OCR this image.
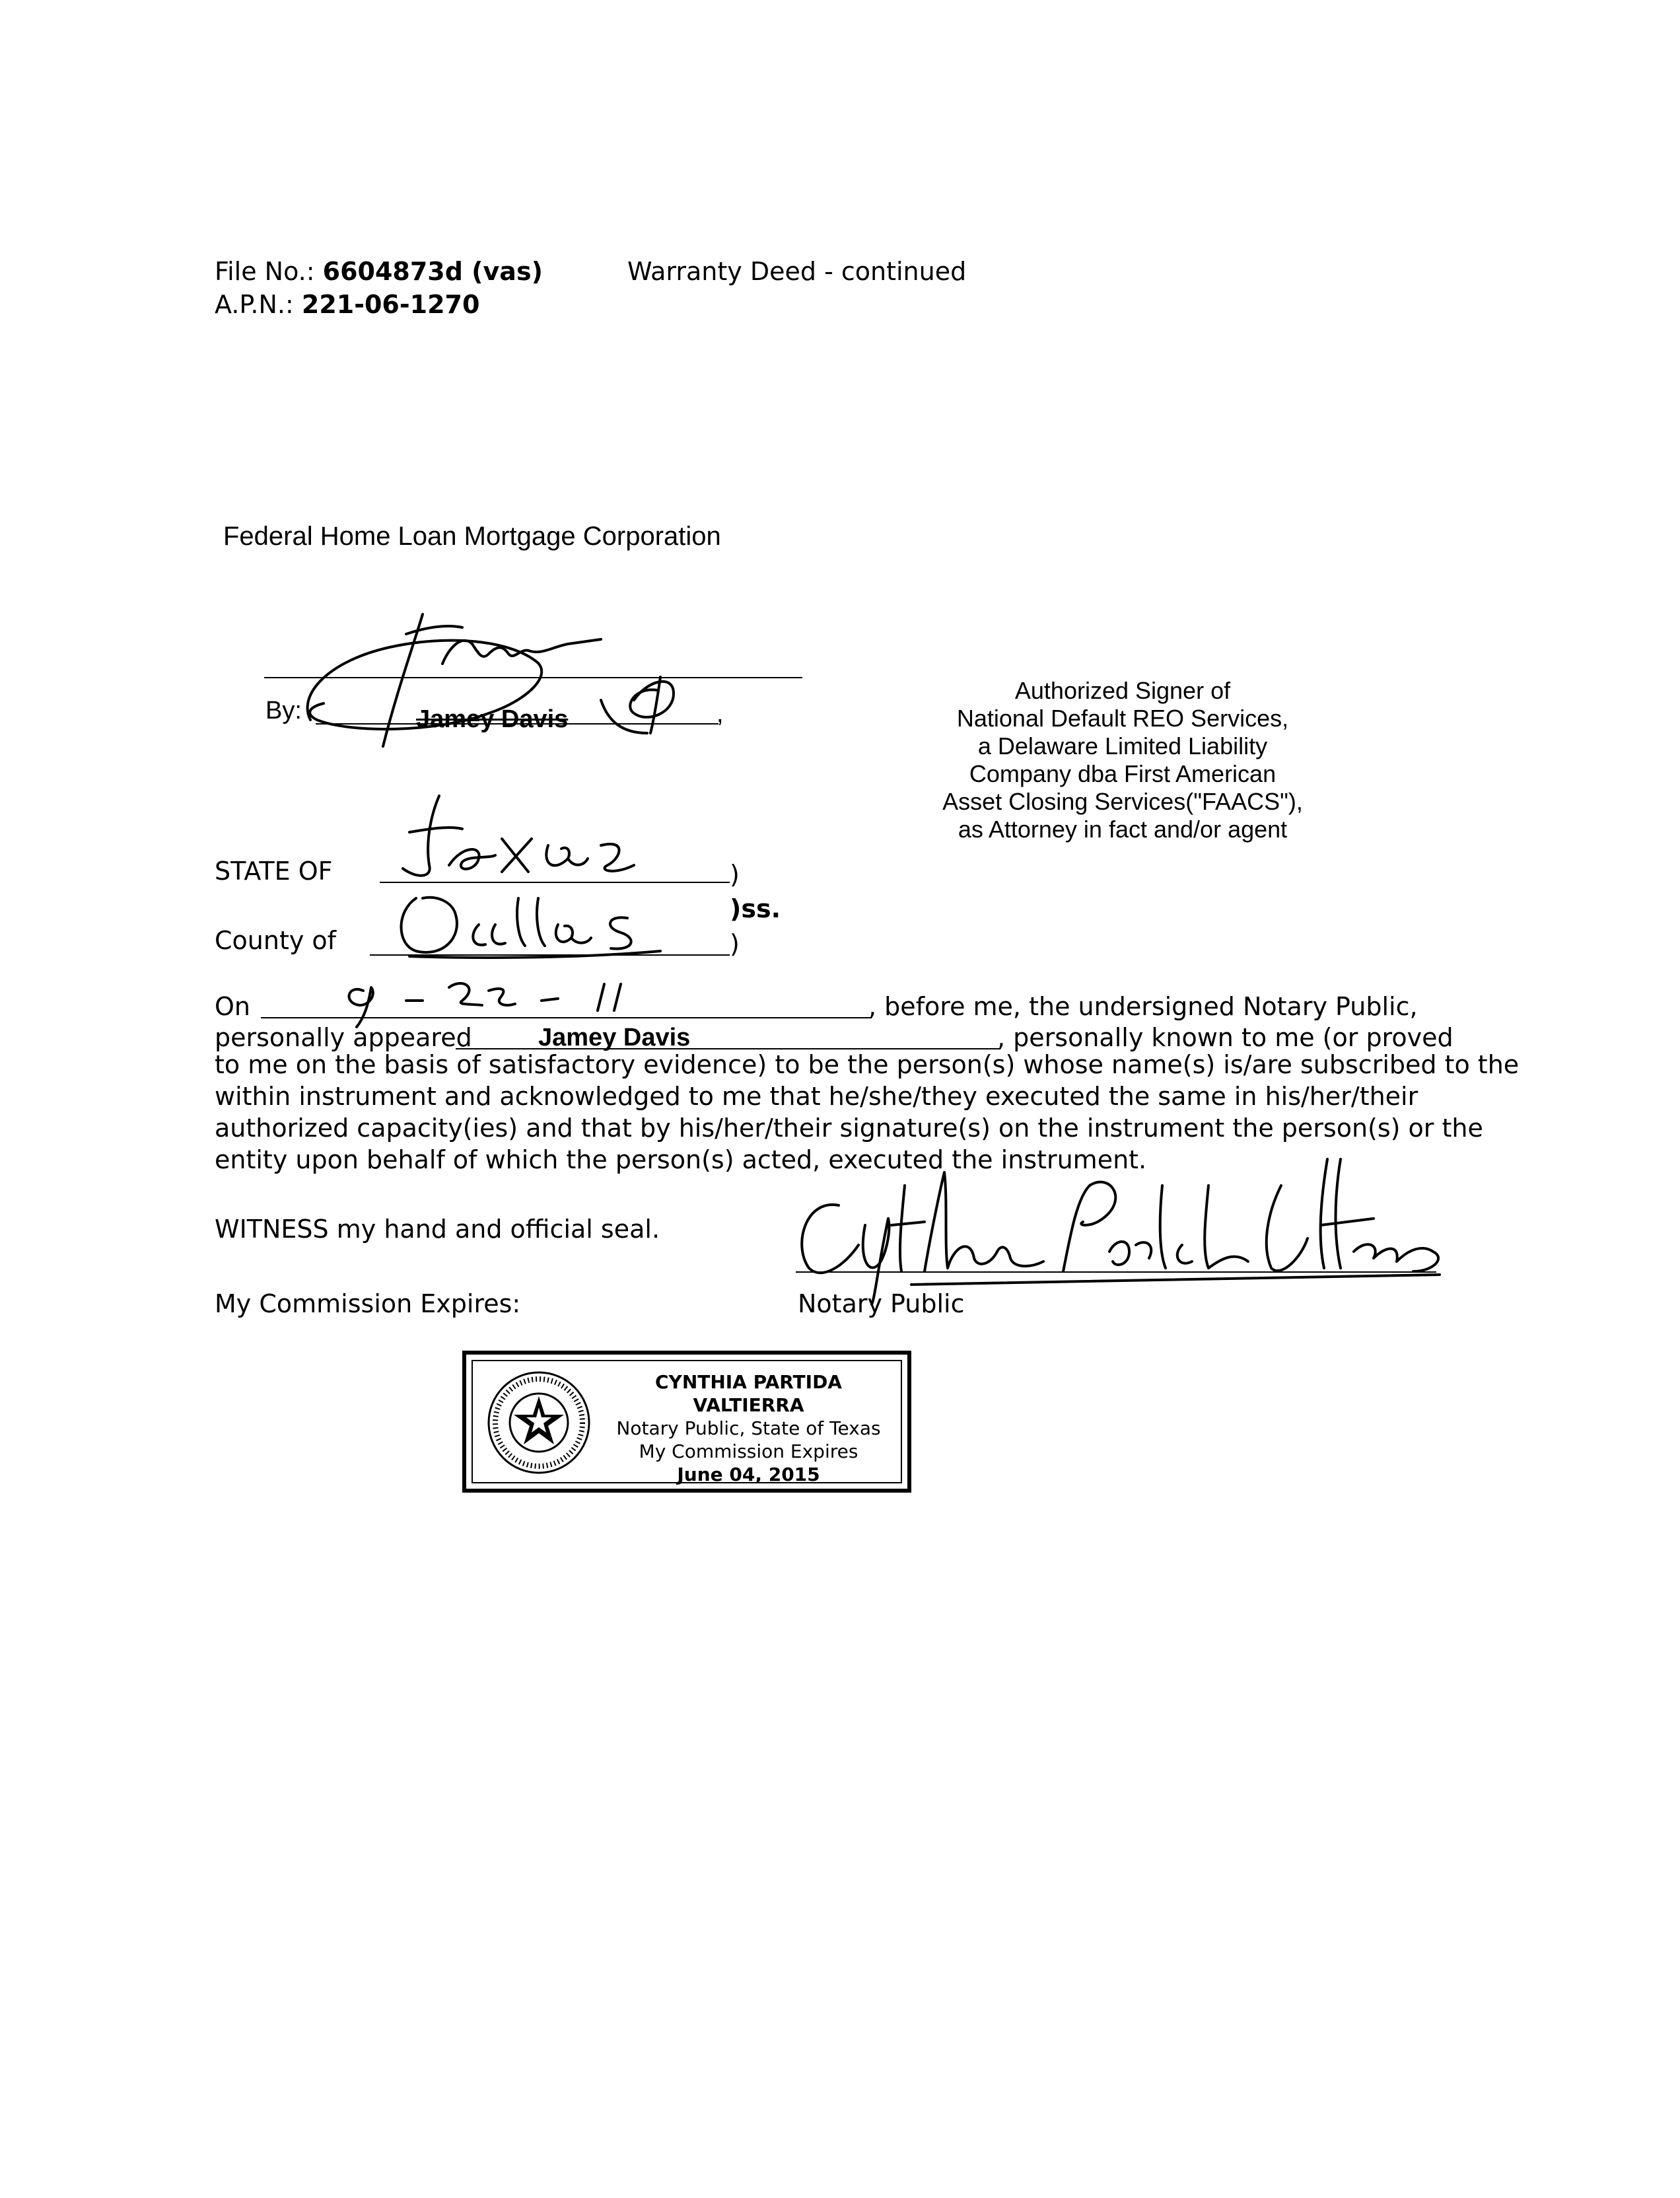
File No.: 6604873d (vas)
A.P.N.: 221-06-1270
Warranty Deed - continued
Federal Home Loan Mortgage Corporation
By:	Jamey Davis	,
Authorized Signer of
National Default REO Services,
a Delaware Limited Liability
Company dba First American
Asset Closing Services("FAACS"),
as Attorney in fact and/or agent
STATE OF	)
County of
)ss.
)
On	, before me, the undersigned Notary Public,
personally appeared	Jamey Davis	, personally known to me (or proved
to me on the basis of satisfactory evidence) to be the person(s) whose name(s) is/are subscribed to the
within instrument and acknowledged to me that he/she/they executed the same in his/her/their
authorized capacity(ies) and that by his/her/their signature(s) on the instrument the person(s) or the
entity upon behalf of which the person(s) acted, executed the instrument.
WITNESS my hand and official seal.
My Commission Expires:	Notary Public
CYNTHIA PARTIDA VALTIERRA
Notary Public, State of Texas
My Commission Expires
June 04, 2015
